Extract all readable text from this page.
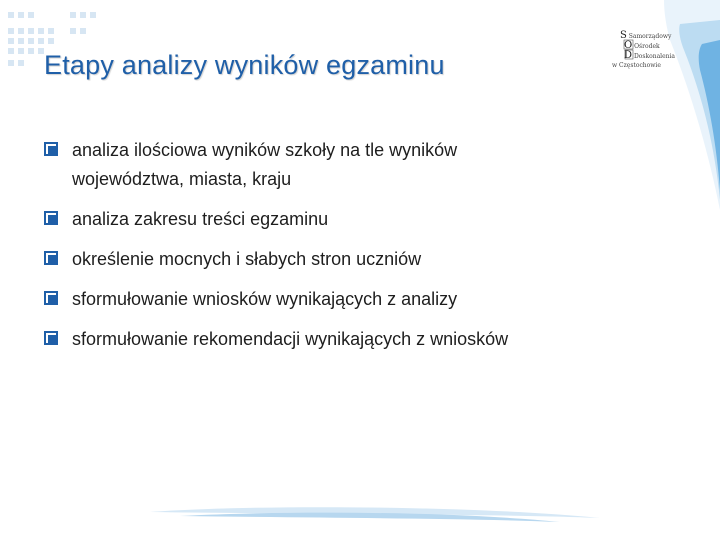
Etapy analizy wyników egzaminu
S Samorządowy
O Ośrodek
D Doskonalenia
w Częstochowie
analiza ilościowa wyników szkoły na tle wyników
województwa, miasta, kraju
analiza zakresu treści egzaminu
określenie mocnych i słabych stron uczniów
sformułowanie wniosków wynikających z analizy
sformułowanie rekomendacji wynikających z wniosków
